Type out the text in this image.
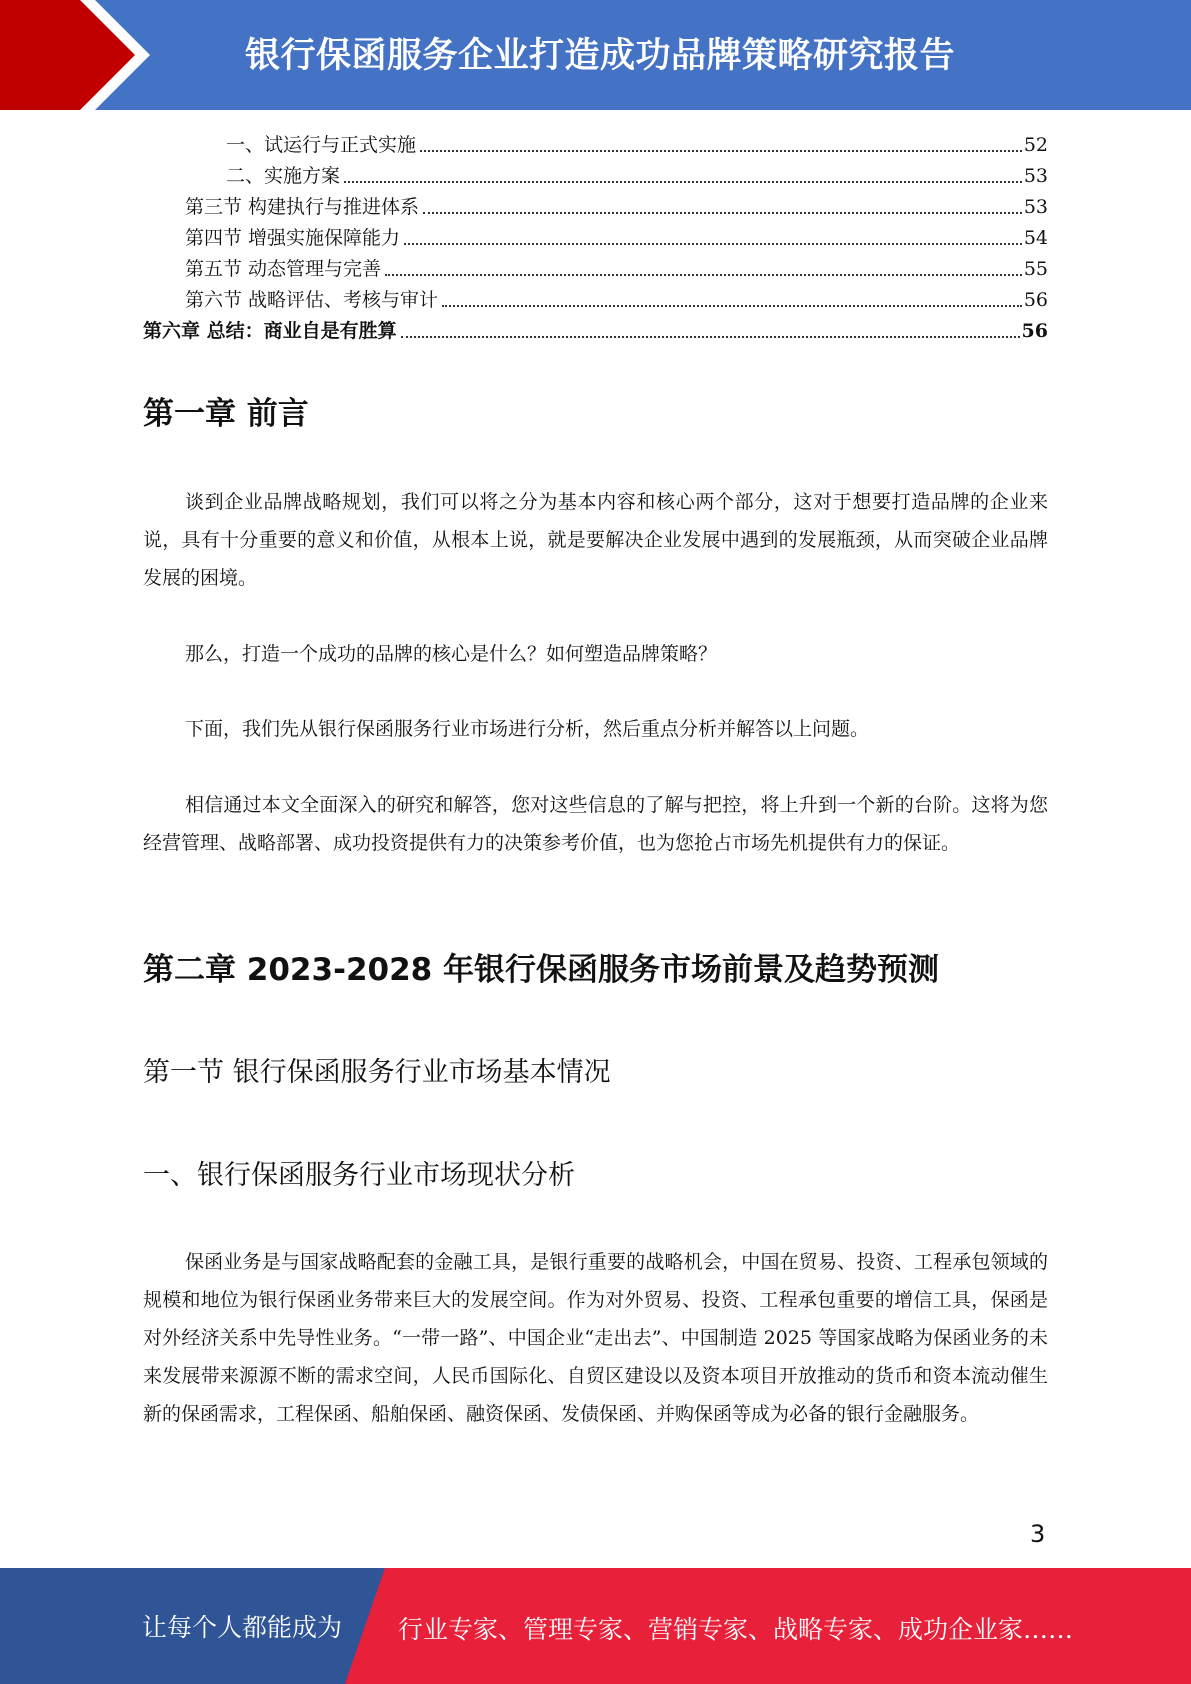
银行保函服务企业打造成功品牌策略研究报告
一、试运行与正式实施	52
二、实施方案	53
第三节 构建执行与推进体系	53
第四节 增强实施保障能力	54
第五节 动态管理与完善	55
第六节 战略评估、考核与审计	56
第六章 总结：商业自是有胜算	56
第一章 前言

谈到企业品牌战略规划，我们可以将之分为基本内容和核心两个部分，这对于想要打造品牌的企业来说，具有十分重要的意义和价值，从根本上说，就是要解决企业发展中遇到的发展瓶颈，从而突破企业品牌发展的困境。

那么，打造一个成功的品牌的核心是什么？如何塑造品牌策略？

下面，我们先从银行保函服务行业市场进行分析，然后重点分析并解答以上问题。

相信通过本文全面深入的研究和解答，您对这些信息的了解与把控，将上升到一个新的台阶。这将为您经营管理、战略部署、成功投资提供有力的决策参考价值，也为您抢占市场先机提供有力的保证。

第二章 2023-2028 年银行保函服务市场前景及趋势预测
第一节 银行保函服务行业市场基本情况
一、银行保函服务行业市场现状分析

保函业务是与国家战略配套的金融工具，是银行重要的战略机会，中国在贸易、投资、工程承包领域的规模和地位为银行保函业务带来巨大的发展空间。作为对外贸易、投资、工程承包重要的增信工具，保函是对外经济关系中先导性业务。“一带一路”、中国企业“走出去”、中国制造 2025 等国家战略为保函业务的未来发展带来源源不断的需求空间，人民币国际化、自贸区建设以及资本项目开放推动的货币和资本流动催生新的保函需求，工程保函、船舶保函、融资保函、发债保函、并购保函等成为必备的银行金融服务。

3
让每个人都能成为 行业专家、管理专家、营销专家、战略专家、成功企业家……
